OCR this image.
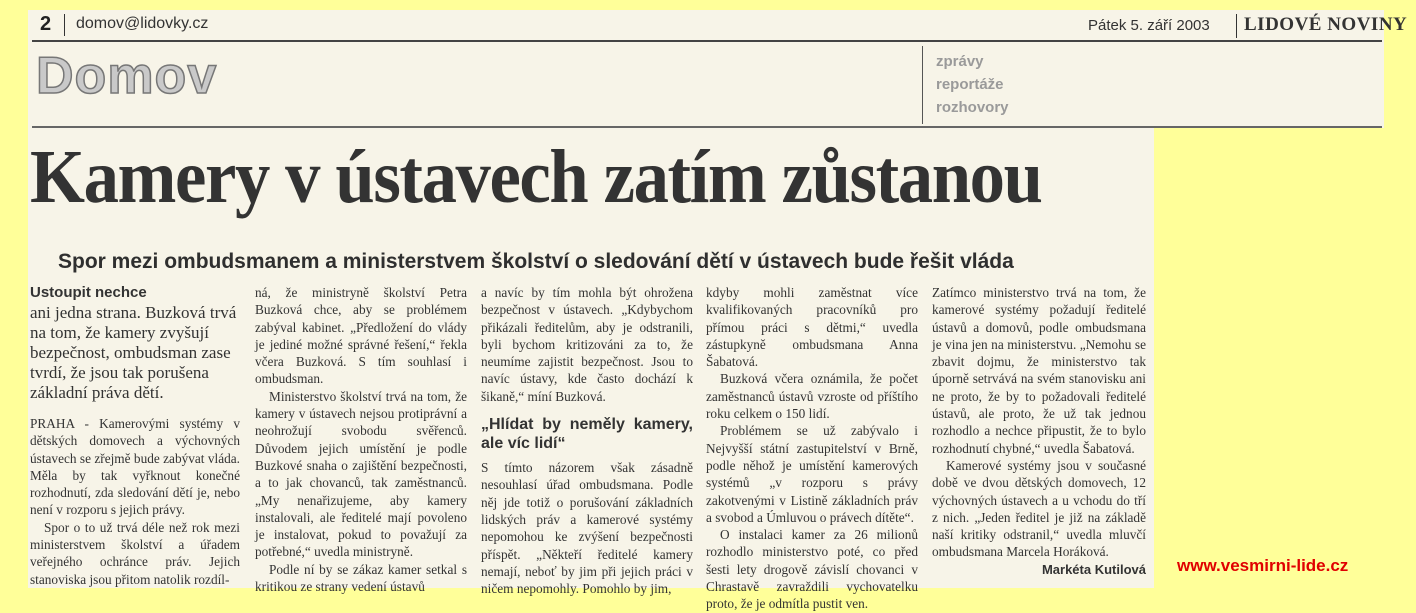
2 domov@lidovky.cz	Pátek 5. září 2003 LIDOVÉ NOVINY
Domov	zprávy
reportáže
rozhovory
Kamery v ústavech zatím zůstanou
Spor mezi ombudsmanem a ministerstvem školství o sledování dětí v ústavech bude řešit vláda
Ustoupit nechce
ani jedna strana. Buzková trvá na tom, že kamery zvyšují bezpečnost, ombudsman zase tvrdí, že jsou tak porušena základní práva dětí.

PRAHA - Kamerovými systémy v dětských domovech a výchovných ústavech se zřejmě bude zabývat vláda. Měla by tak vyřknout konečné rozhodnutí, zda sledování dětí je, nebo není v rozporu s jejich právy.

Spor o to už trvá déle než rok mezi ministerstvem školství a úřadem veřejného ochránce práv. Jejich stanoviska jsou přitom natolik rozdíl-

ná, že ministryně školství Petra Buzková chce, aby se problémem zabýval kabinet. „Předložení do vlády je jediné možné správné řešení,“ řekla včera Buzková. S tím souhlasí i ombudsman.

Ministerstvo školství trvá na tom, že kamery v ústavech nejsou protiprávní a neohrožují svobodu svěřenců. Důvodem jejich umístění je podle Buzkové snaha o zajištění bezpečnosti, a to jak chovanců, tak zaměstnanců. „My nenařizujeme, aby kamery instalovali, ale ředitelé mají povoleno je instalovat, pokud to považují za potřebné,“ uvedla ministryně.

Podle ní by se zákaz kamer setkal s kritikou ze strany vedení ústavů

a navíc by tím mohla být ohrožena bezpečnost v ústavech. „Kdybychom přikázali ředitelům, aby je odstranili, byli bychom kritizováni za to, že neumíme zajistit bezpečnost. Jsou to navíc ústavy, kde často dochází k šikaně,“ míní Buzková.

„Hlídat by neměly kamery, ale víc lidí“

S tímto názorem však zásadně nesouhlasí úřad ombudsmana. Podle něj jde totiž o porušování základních lidských práv a kamerové systémy nepomohou ke zvýšení bezpečnosti příspět. „Někteří ředitelé kamery nemají, neboť by jim při jejich práci v ničem nepomohly. Pomohlo by jim,

kdyby mohli zaměstnat více kvalifikovaných pracovníků pro přímou práci s dětmi,“ uvedla zástupkyně ombudsmana Anna Šabatová.

Buzková včera oznámila, že počet zaměstnanců ústavů vzroste od příštího roku celkem o 150 lidí.

Problémem se už zabývalo i Nejvyšší státní zastupitelství v Brně, podle něhož je umístění kamerových systémů „v rozporu s právy zakotvenými v Listině základních práv a svobod a Úmluvou o právech dítěte“.

O instalaci kamer za 26 milionů rozhodlo ministerstvo poté, co před šesti lety drogově závislí chovanci v Chrastavě zavraždili vychovatelku proto, že je odmítla pustit ven.

Zatímco ministerstvo trvá na tom, že kamerové systémy požadují ředitelé ústavů a domovů, podle ombudsmana je vina jen na ministerstvu. „Nemohu se zbavit dojmu, že ministerstvo tak úporně setrvává na svém stanovisku ani ne proto, že by to požadovali ředitelé ústavů, ale proto, že už tak jednou rozhodlo a nechce připustit, že to bylo rozhodnutí chybné,“ uvedla Šabatová.

Kamerové systémy jsou v současné době ve dvou dětských domovech, 12 výchovných ústavech a u vchodu do tří z nich. „Jeden ředitel je již na základě naší kritiky odstranil,“ uvedla mluvčí ombudsmana Marcela Horáková.

Markéta Kutilová www.vesmirni-lide.cz
